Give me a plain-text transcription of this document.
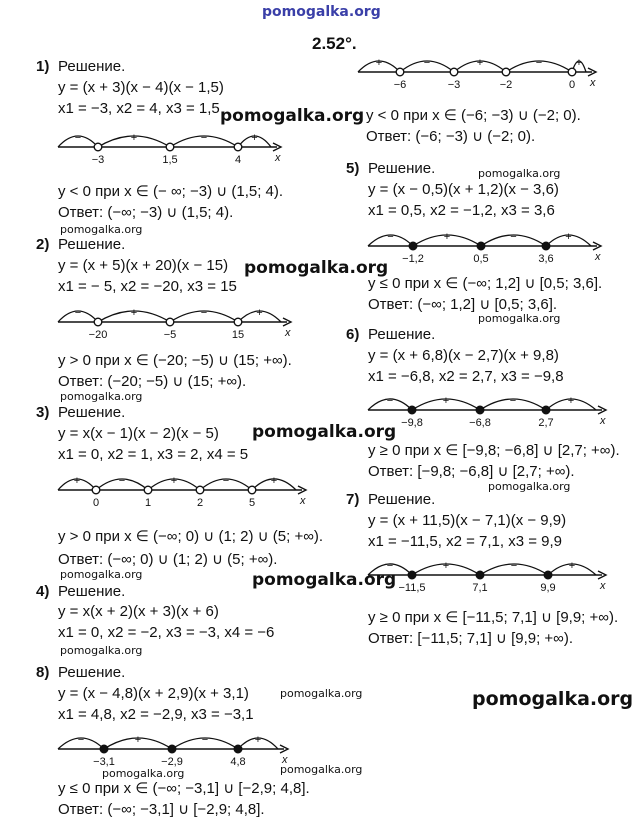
pomogalka.org
2.52°.
pomogalka.org
pomogalka.org
pomogalka.org
pomogalka.org
pomogalka.org
pomogalka.org	pomogalka.org
pomogalka.org
pomogalka.org
pomogalka.org	pomogalka.org
pomogalka.org
pomogalka.org
pomogalka.org
pomogalka.org
1) Решение.
y = (x + 3)(x − 4)(x − 1,5)
x1 = −3, x2 = 4, x3 = 1,5
x
−	+	−	+
−3	1,5	4
y < 0 при x ∈ (− ∞; −3) ∪ (1,5; 4).
Ответ: (−∞; −3) ∪ (1,5; 4).
2) Решение.
y = (x + 5)(x + 20)(x − 15)
x1 = − 5, x2 = −20, x3 = 15
x
−	+	−	+
−20	−5	15
y > 0 при x ∈ (−20; −5) ∪ (15; +∞).
Ответ: (−20; −5) ∪ (15; +∞).
3) Решение.
y = x(x − 1)(x − 2)(x − 5)
x1 = 0, x2 = 1, x3 = 2, x4 = 5
x
+	−	+	−	+
0	1	2	5
y > 0 при x ∈ (−∞; 0) ∪ (1; 2) ∪ (5; +∞).
Ответ: (−∞; 0) ∪ (1; 2) ∪ (5; +∞).
4) Решение.
y = x(x + 2)(x + 3)(x + 6)
x1 = 0, x2 = −2, x3 = −3, x4 = −6
x
+	−	+	−	+
−6	−3	−2	0
y < 0 при x ∈ (−6; −3) ∪ (−2; 0).
Ответ: (−6; −3) ∪ (−2; 0).
5) Решение.
y = (x − 0,5)(x + 1,2)(x − 3,6)
x1 = 0,5, x2 = −1,2, x3 = 3,6
x
−	+	−	+
−1,2	0,5	3,6
y ≤ 0 при x ∈ (−∞; 1,2] ∪ [0,5; 3,6].
Ответ: (−∞; 1,2] ∪ [0,5; 3,6].
6) Решение.
y = (x + 6,8)(x − 2,7)(x + 9,8)
x1 = −6,8, x2 = 2,7, x3 = −9,8
x
−	+	−	+
−9,8	−6,8	2,7
y ≥ 0 при x ∈ [−9,8; −6,8] ∪ [2,7; +∞).
Ответ: [−9,8; −6,8] ∪ [2,7; +∞).
7) Решение.
y = (x + 11,5)(x − 7,1)(x − 9,9)
x1 = −11,5, x2 = 7,1, x3 = 9,9
x
−	+	−	+
−11,5	7,1	9,9
y ≥ 0 при x ∈ [−11,5; 7,1] ∪ [9,9; +∞).
Ответ: [−11,5; 7,1] ∪ [9,9; +∞).
8) Решение.
y = (x − 4,8)(x + 2,9)(x + 3,1)
x1 = 4,8, x2 = −2,9, x3 = −3,1
x
−	+	−	+
−3,1	−2,9	4,8
y ≤ 0 при x ∈ (−∞; −3,1] ∪ [−2,9; 4,8].
Ответ: (−∞; −3,1] ∪ [−2,9; 4,8].
